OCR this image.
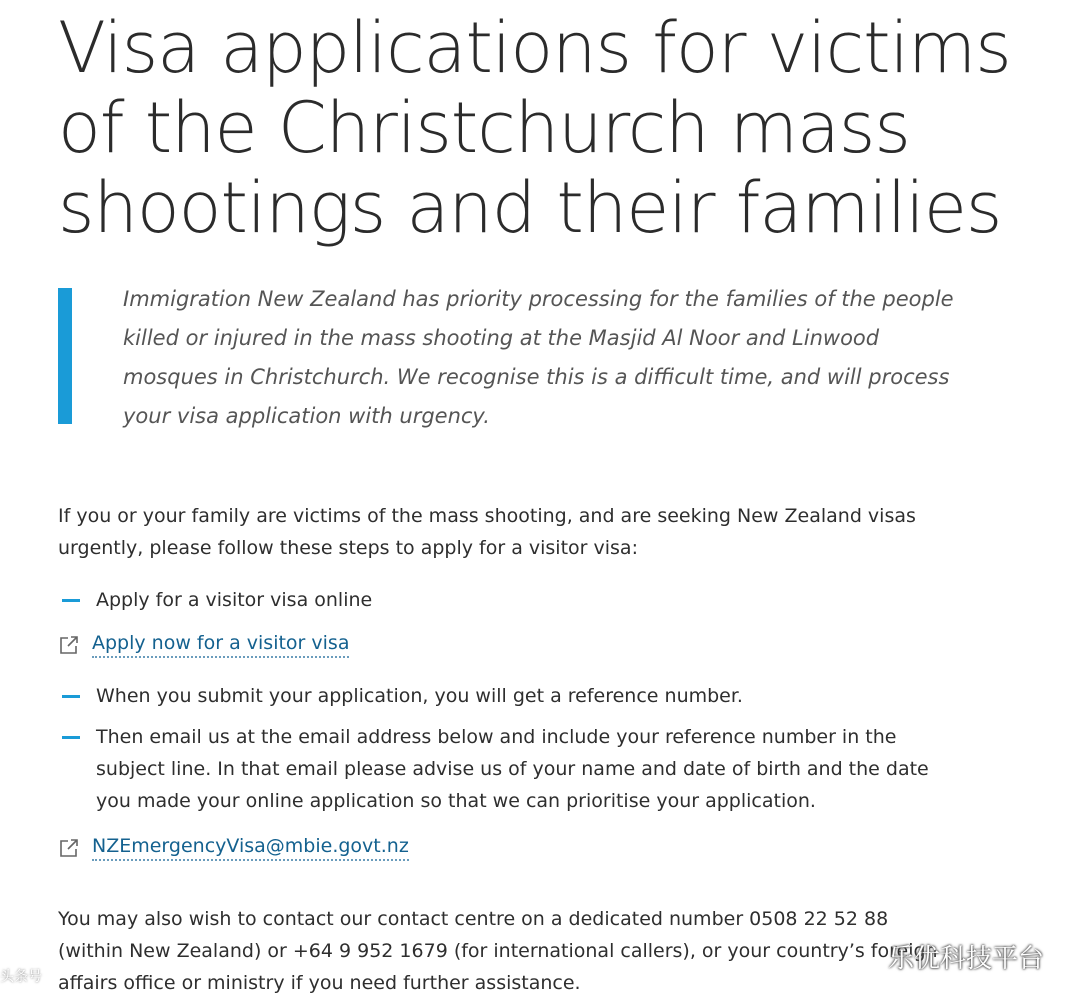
Visa applications for victims of the Christchurch mass shootings and their families

Immigration New Zealand has priority processing for the families of the people killed or injured in the mass shooting at the Masjid Al Noor and Linwood mosques in Christchurch. We recognise this is a difficult time, and will process your visa application with urgency.

If you or your family are victims of the mass shooting, and are seeking New Zealand visas urgently, please follow these steps to apply for a visitor visa:

Apply for a visitor visa online
Apply now for a visitor visa
When you submit your application, you will get a reference number.
Then email us at the email address below and include your reference number in the subject line. In that email please advise us of your name and date of birth and the date you made your online application so that we can prioritise your application.
NZEmergencyVisa@mbie.govt.nz

You may also wish to contact our contact centre on a dedicated number 0508 22 52 88 (within New Zealand) or +64 9 952 1679 (for international callers), or your country’s foreign affairs office or ministry if you need further assistance.

乐优科技平台
头条号
